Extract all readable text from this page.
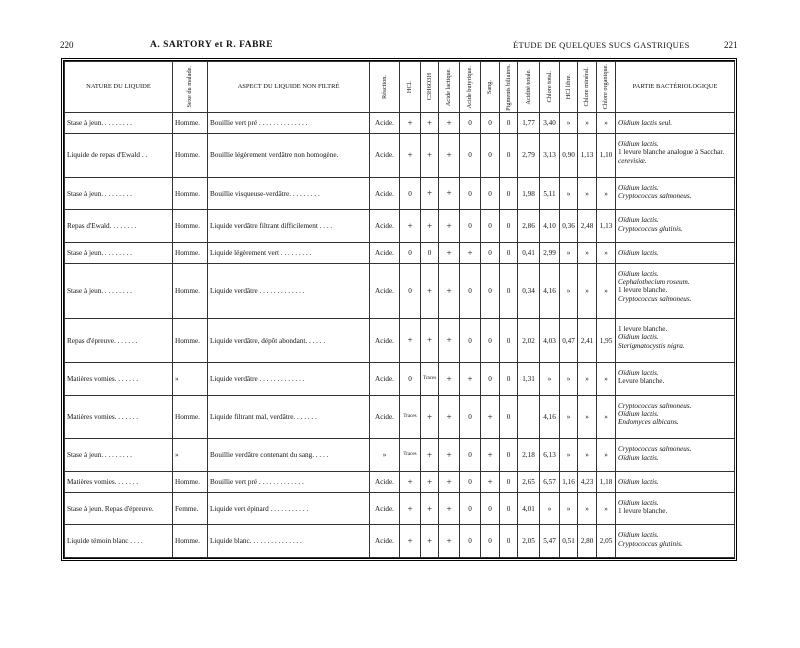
220	A. SARTORY et R. FABRE	ÉTUDE DE QUELQUES SUCS GASTRIQUES	221
NATURE DU LIQUIDE	Sexe du malade.	ASPECT DU LIQUIDE NON FILTRÉ	Réaction.	HCl.	C3H6O3H	Acide lactique.	Acide butyrique.	Sang.	Pigments biliaires.	Acidité totale.	Chlore total.	HCl libre.	Chlore minéral.	Chlore organique.	PARTIE BACTÉRIOLOGIQUE

Stase à jeun. . . . . . . . .	Homme.	Bouillie vert pré . . . . . . . . . . . . . .	Acide.	+	+	+	0	0	0	1,77	3,40	»	»	»	Oïdium lactis seul.

Liquide de repas d'Ewald . .	Homme.	Bouillie légèrement verdâtre non homogène.	Acide.	+	+	+	0	0	0	2,79	3,13	0,90	1,13	1,10	Oïdium lactis.
1 levure blanche analogue à Sacchar.
cerevisiæ.

Stase à jeun. . . . . . . . .	Homme.	Bouillie visqueuse-verdâtre. . . . . . . . .	Acide.	0	+	+	0	0	0	1,98	5,11	»	»	»	Oïdium lactis.
Cryptococcus salmoneus.

Repas d'Ewald. . . . . . . .	Homme.	Liquide verdâtre filtrant difficilement . . . .	Acide.	+	+	+	0	0	0	2,86	4,10	0,36	2,48	1,13	Oïdium lactis.
Cryptococcus glutinis.

Stase à jeun. . . . . . . . .	Homme.	Liquide légèrement vert . . . . . . . . .	Acide.	0	0	+	+	0	0	0,41	2,99	»	»	»	Oïdium lactis.

Stase à jeun. . . . . . . . .	Homme.	Liquide verdâtre . . . . . . . . . . . . .	Acide.	0	+	+	0	0	0	0,34	4,16	»	»	»	Oïdium lactis.
Cephalothecium roseum.
1 levure blanche.
Cryptococcus salmoneus.

Repas d'épreuve. . . . . . .	Homme.	Liquide verdâtre, dépôt abondant. . . . . .	Acide.	+	+	+	0	0	0	2,02	4,03	0,47	2,41	1,95	1 levure blanche.
Oïdium lactis.
Sterigmatocystis nigra.

Matières vomies. . . . . . .	»	Liquide verdâtre . . . . . . . . . . . . .	Acide.	0	Traces	+	+	0	0	1,31	»	»	»	»	Oïdium lactis.
Levure blanche.

Matières vomies. . . . . . .	Homme.	Liquide filtrant mal, verdâtre. . . . . . .	Acide.	Traces	+	+	0	+	0		4,16	»	»	»	Cryptococcus salmoneus.
Oïdium lactis.
Endomyces albicans.

Stase à jeun. . . . . . . . .	»	Bouillie verdâtre contenant du sang. . . . .	»	Traces	+	+	0	+	0	2,18	6,13	»	»	»	Cryptococcus salmoneus.
Oïdium lactis.

Matières vomies. . . . . . .	Homme.	Bouillie vert pré . . . . . . . . . . . . .	Acide.	+	+	+	0	+	0	2,65	6,57	1,16	4,23	1,18	Oïdium lactis.

Stase à jeun. Repas d'épreuve.	Femme.	Liquide vert épinard . . . . . . . . . . .	Acide.	+	+	+	0	0	0	4,01	»	»	»	»	Oïdium lactis.
1 levure blanche.

Liquide témoin blanc . . . .	Homme.	Liquide blanc. . . . . . . . . . . . . . .	Acide.	+	+	+	0	0	0	2,05	5,47	0,51	2,80	2,05	Oïdium lactis.
Cryptococcus glutinis.
